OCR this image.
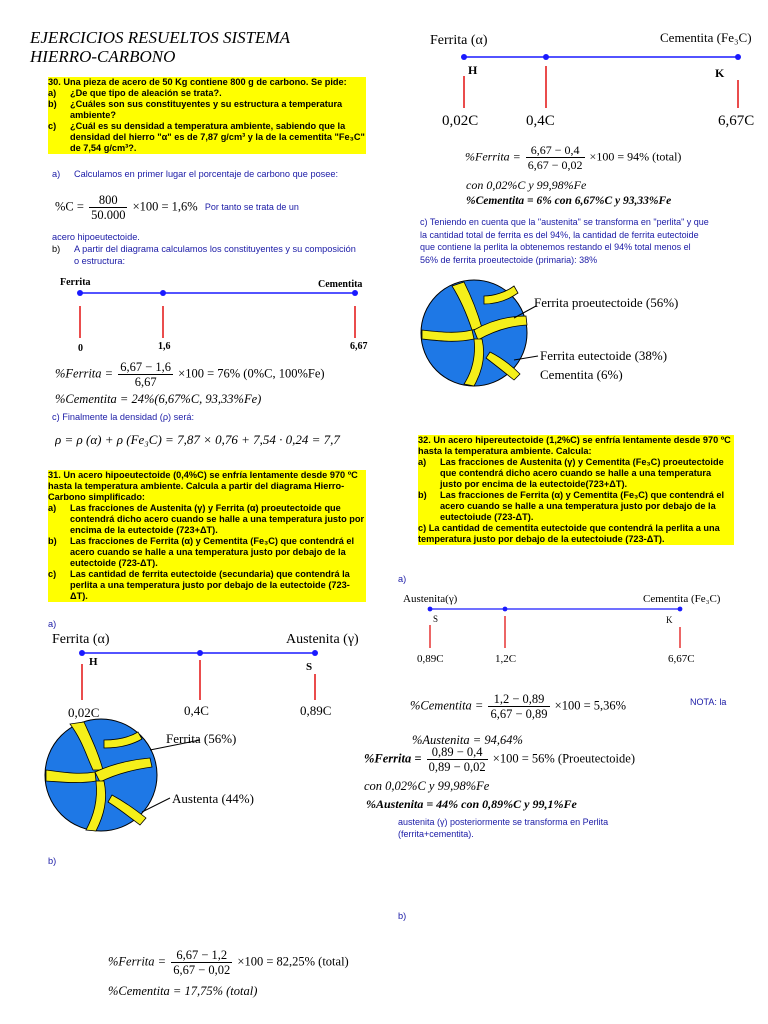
EJERCICIOS RESUELTOS SISTEMA
HIERRO-CARBONO
30. Una pieza de acero de 50 Kg contiene 800 g de carbono. Se pide:
a)	¿De que tipo de aleación se trata?.
b)	¿Cuáles son sus constituyentes y su estructura a temperatura ambiente?
c)	¿Cuál es su densidad a temperatura ambiente, sabiendo que la densidad del hierro "α" es de 7,87 g/cm³ y la de la cementita "Fe₃C" de 7,54 g/cm³?.
a)	Calculamos en primer lugar el porcentaje de carbono que posee:
$\%C = \frac{800}{50.000} \times 100 = 1,6\%$ Por tanto se trata de un
acero hipoeutectoide.
b)	A partir del diagrama calculamos los constituyentes y su composición o estructura:
Ferrita	Cementita
0	1,6	6,67
%Ferrita = $\frac{6,67 - 1,6}{6,67} \times 100 = 76\%$ (0%C, 100%Fe)
%Cementita = 24%(6,67%C, 93,33%Fe)
c) Finalmente la densidad (ρ) será:
ρ = ρ (α) + ρ (Fe₃C) = 7,87 × 0,76 + 7,54 · 0,24 = 7,7
31. Un acero hipoeutectoide (0,4%C) se enfría lentamente desde 970 ºC hasta la temperatura ambiente. Calcula a partir del diagrama Hierro-Carbono simplificado:
a)	Las fracciones de Austenita (γ) y Ferrita (α) proeutectoide que contendrá dicho acero cuando se halle a una temperatura justo por encima de la eutectoide (723+ΔT).
b)	Las fracciones de Ferrita (α) y Cementita (Fe₃C) que contendrá el acero cuando se halle a una temperatura justo por debajo de la eutectoide (723-ΔT).
c)	Las cantidad de ferrita eutectoide (secundaria) que contendrá la perlita a una temperatura justo por debajo de la eutectoide (723-ΔT).
a)
Ferrita (α)	Austenita (γ)
H	S
0,02C	0,4C	0,89C
Ferrita (56%)
Austenta (44%)
b)
%Ferrita = $\frac{6,67 - 1,2}{6,67 - 0,02} \times 100 = 82,25\%$ (total)
%Cementita = 17,75% (total)
Ferrita (α)	Cementita (Fe₃C)
H	K
0,02C	0,4C	6,67C
%Ferrita = $\frac{6,67 - 0,4}{6,67 - 0,02} \times 100 = 94\%$ (total)
con 0,02%C y 99,98%Fe
%Cementita = 6% con 6,67%C y 93,33%Fe
c) Teniendo en cuenta que la "austenita" se transforma en "perlita" y que la cantidad total de ferrita es del 94%, la cantidad de ferrita eutectoide que contiene la perlita la obtenemos restando el 94% total menos el 56% de ferrita proeutectoide (primaria): 38%
Ferrita proeutectoide (56%)
Ferrita eutectoide (38%)
Cementita (6%)
32. Un acero hipereutectoide (1,2%C) se enfría lentamente desde 970 ºC hasta la temperatura ambiente. Calcula:
a)	Las fracciones de Austenita (γ) y Cementita (Fe₃C) proeutectoide que contendrá dicho acero cuando se halle a una temperatura justo por encima de la eutectoide(723+ΔT).
b)	Las fracciones de Ferrita (α) y Cementita (Fe₃C) que contendrá el acero cuando se halle a una temperatura justo por debajo de la eutectoiude (723-ΔT).
c) La cantidad de cementita eutectoide que contendrá la perlita a una temperatura justo por debajo de la eutectoiude (723-ΔT).
a)
Austenita(γ)	Cementita (Fe₃C)
S	K
0,89C	1,2C	6,67C
%Cementita = $\frac{1,2 - 0,89}{6,67 - 0,89} \times 100 = 5,36\%$	NOTA: la
%Austenita = 94,64%
%Ferrita = $\frac{0,89 - 0,4}{0,89 - 0,02} \times 100 = 56\%$ (Proeutectoide)
con 0,02%C y 99,98%Fe
%Austenita = 44% con 0,89%C y 99,1%Fe
austenita (γ) posteriormente se transforma en Perlita (ferrita+cementita).
b)
